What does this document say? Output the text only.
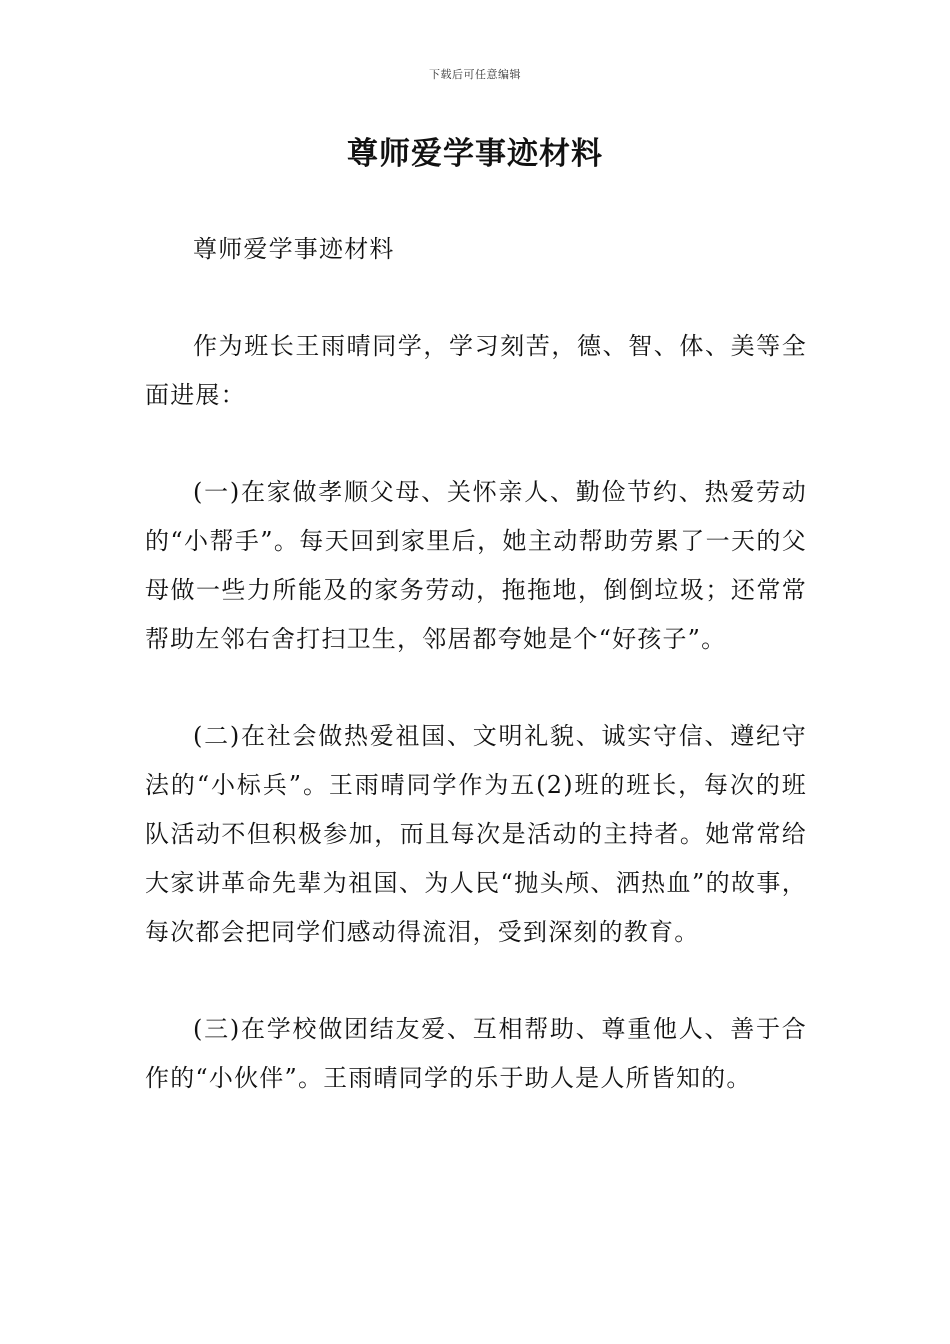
下载后可任意编辑
尊师爱学事迹材料

尊师爱学事迹材料

作为班长王雨晴同学，学习刻苦，德、智、体、美等全面进展：

(一)在家做孝顺父母、关怀亲人、勤俭节约、热爱劳动的“小帮手”。每天回到家里后，她主动帮助劳累了一天的父母做一些力所能及的家务劳动，拖拖地，倒倒垃圾；还常常帮助左邻右舍打扫卫生，邻居都夸她是个“好孩子”。

(二)在社会做热爱祖国、文明礼貌、诚实守信、遵纪守法的“小标兵”。王雨晴同学作为五(2)班的班长，每次的班队活动不但积极参加，而且每次是活动的主持者。她常常给大家讲革命先辈为祖国、为人民“抛头颅、洒热血”的故事，每次都会把同学们感动得流泪，受到深刻的教育。

(三)在学校做团结友爱、互相帮助、尊重他人、善于合作的“小伙伴”。王雨晴同学的乐于助人是人所皆知的。
